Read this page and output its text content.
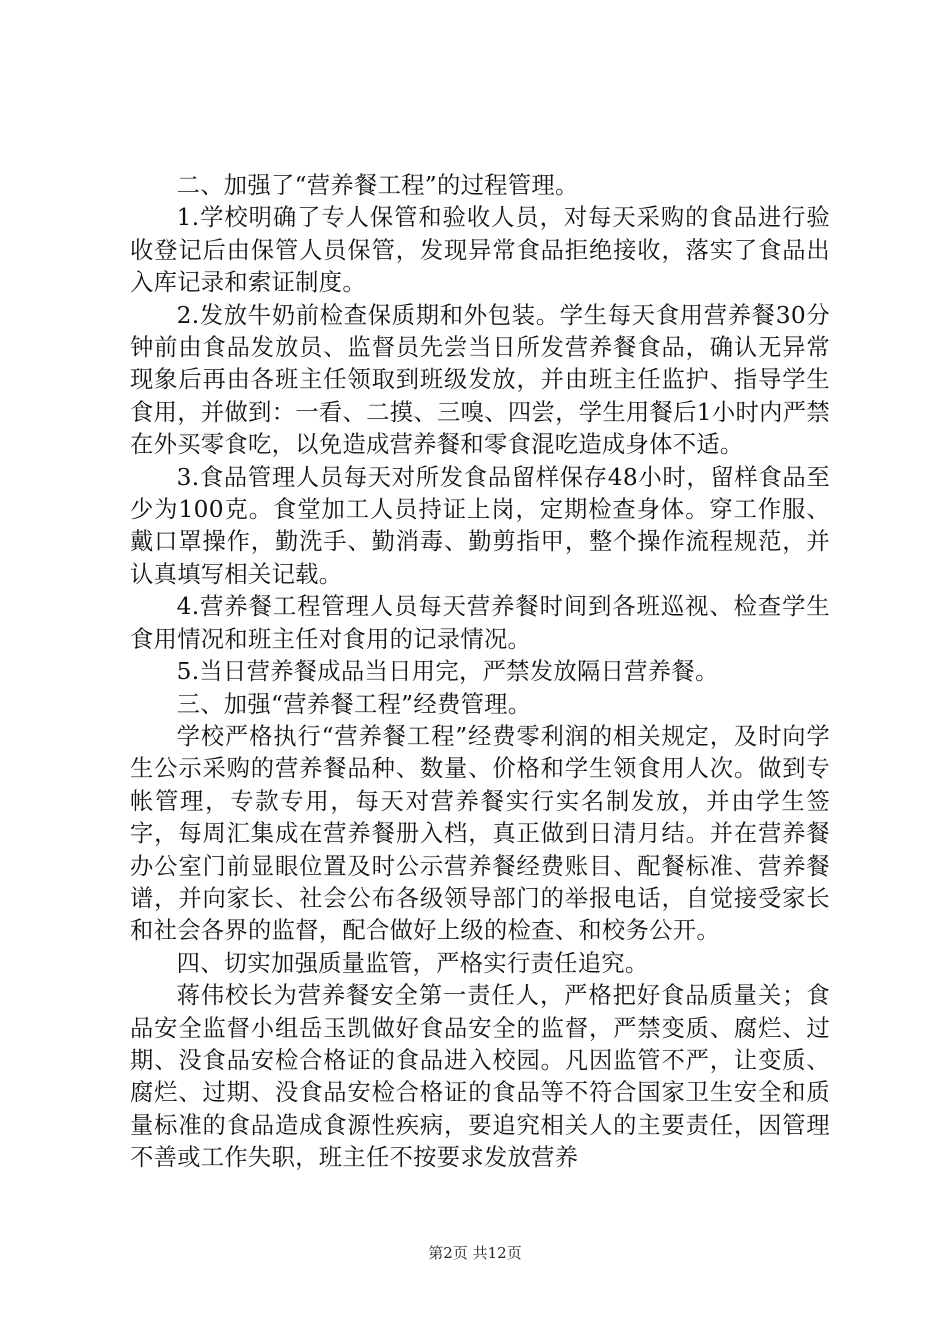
二、加强了“营养餐工程”的过程管理。

1.学校明确了专人保管和验收人员，对每天采购的食品进行验收登记后由保管人员保管，发现异常食品拒绝接收，落实了食品出入库记录和索证制度。

2.发放牛奶前检查保质期和外包装。学生每天食用营养餐30分钟前由食品发放员、监督员先尝当日所发营养餐食品，确认无异常现象后再由各班主任领取到班级发放，并由班主任监护、指导学生食用，并做到：一看、二摸、三嗅、四尝，学生用餐后1小时内严禁在外买零食吃，以免造成营养餐和零食混吃造成身体不适。

3.食品管理人员每天对所发食品留样保存48小时，留样食品至少为100克。食堂加工人员持证上岗，定期检查身体。穿工作服、戴口罩操作，勤洗手、勤消毒、勤剪指甲，整个操作流程规范，并认真填写相关记载。

4.营养餐工程管理人员每天营养餐时间到各班巡视、检查学生食用情况和班主任对食用的记录情况。

5.当日营养餐成品当日用完，严禁发放隔日营养餐。

三、加强“营养餐工程”经费管理。

学校严格执行“营养餐工程”经费零利润的相关规定，及时向学生公示采购的营养餐品种、数量、价格和学生领食用人次。做到专帐管理，专款专用，每天对营养餐实行实名制发放，并由学生签字，每周汇集成在营养餐册入档，真正做到日清月结。并在营养餐办公室门前显眼位置及时公示营养餐经费账目、配餐标准、营养餐谱，并向家长、社会公布各级领导部门的举报电话，自觉接受家长和社会各界的监督，配合做好上级的检查、和校务公开。

四、切实加强质量监管，严格实行责任追究。

蒋伟校长为营养餐安全第一责任人，严格把好食品质量关；食品安全监督小组岳玉凯做好食品安全的监督，严禁变质、腐烂、过期、没食品安检合格证的食品进入校园。凡因监管不严，让变质、腐烂、过期、没食品安检合格证的食品等不符合国家卫生安全和质量标准的食品造成食源性疾病，要追究相关人的主要责任，因管理不善或工作失职，班主任不按要求发放营养

第2页 共12页
